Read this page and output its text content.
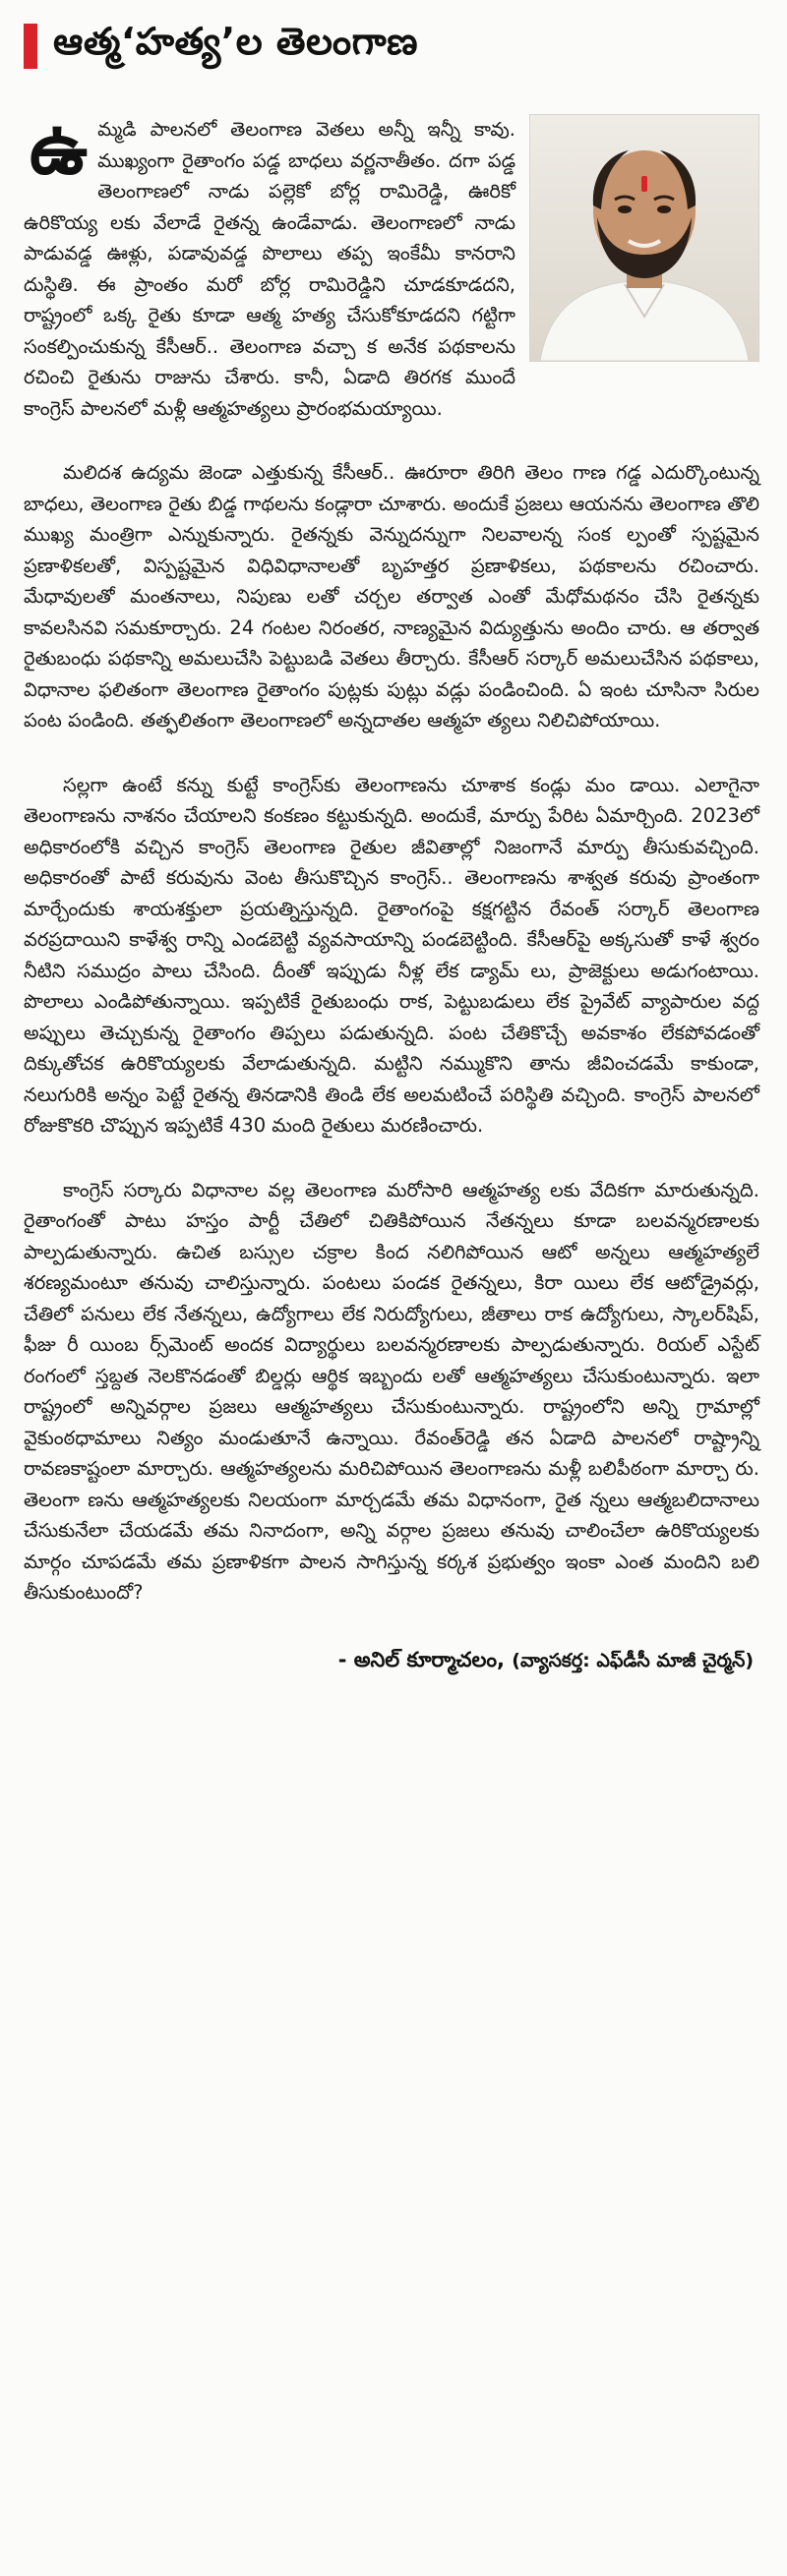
ఆత్మ‘హత్య’ల తెలంగాణ
ఉ మ్మడి పాలనలో తెలంగాణ వెతలు అన్నీ ఇన్నీ కావు. ముఖ్యంగా రైతాంగం పడ్డ బాధలు వర్ణనాతీతం. దగా పడ్డ తెలంగాణలో నాడు పల్లెకో బోర్ల రామిరెడ్డి, ఊరికో ఉరికొయ్య లకు వేలాడే రైతన్న ఉండేవాడు. తెలంగాణలో నాడు పాడువడ్డ ఊళ్లు, పడావువడ్డ పొలాలు తప్ప ఇంకేమీ కానరాని దుస్థితి. ఈ ప్రాంతం మరో బోర్ల రామిరెడ్డిని చూడకూడదని, రాష్ట్రంలో ఒక్క రైతు కూడా ఆత్మ హత్య చేసుకోకూడదని గట్టిగా సంకల్పించుకున్న కేసీఆర్.. తెలంగాణ వచ్చా క అనేక పథకాలను రచించి రైతును రాజును చేశారు. కానీ, ఏడాది తిరగక ముందే కాంగ్రెస్ పాలనలో మళ్లీ ఆత్మహత్యలు ప్రారంభమయ్యాయి.

మలిదశ ఉద్యమ జెండా ఎత్తుకున్న కేసీఆర్.. ఊరూరా తిరిగి తెలం గాణ గడ్డ ఎదుర్కొంటున్న బాధలు, తెలంగాణ రైతు బిడ్డ గాథలను కండ్లారా చూశారు. అందుకే ప్రజలు ఆయనను తెలంగాణ తొలి ముఖ్య మంత్రిగా ఎన్నుకున్నారు. రైతన్నకు వెన్నుదన్నుగా నిలవాలన్న సంక ల్పంతో స్పష్టమైన ప్రణాళికలతో, విస్పష్టమైన విధివిధానాలతో బృహత్తర ప్రణాళికలు, పథకాలను రచించారు. మేధావులతో మంతనాలు, నిపుణు లతో చర్చల తర్వాత ఎంతో మేధోమథనం చేసి రైతన్నకు కావలసినవి సమకూర్చారు. 24 గంటల నిరంతర, నాణ్యమైన విద్యుత్తును అందిం చారు. ఆ తర్వాత రైతుబంధు పథకాన్ని అమలుచేసి పెట్టుబడి వెతలు తీర్చారు. కేసీఆర్ సర్కార్ అమలుచేసిన పథకాలు, విధానాల ఫలితంగా తెలంగాణ రైతాంగం పుట్లకు పుట్లు వడ్లు పండించింది. ఏ ఇంట చూసినా సిరుల పంట పండింది. తత్ఫలితంగా తెలంగాణలో అన్నదాతల ఆత్మహ త్యలు నిలిచిపోయాయి.

సల్లగా ఉంటే కన్ను కుట్టే కాంగ్రెస్‌కు తెలంగాణను చూశాక కండ్లు మం డాయి. ఎలాగైనా తెలంగాణను నాశనం చేయాలని కంకణం కట్టుకున్నది. అందుకే, మార్పు పేరిట ఏమార్చింది. 2023లో అధికారంలోకి వచ్చిన కాంగ్రెస్ తెలంగాణ రైతుల జీవితాల్లో నిజంగానే మార్పు తీసుకువచ్చింది. అధికారంతో పాటే కరువును వెంట తీసుకొచ్చిన కాంగ్రెస్.. తెలంగాణను శాశ్వత కరువు ప్రాంతంగా మార్చేందుకు శాయశక్తులా ప్రయత్నిస్తున్నది. రైతాంగంపై కక్షగట్టిన రేవంత్ సర్కార్ తెలంగాణ వరప్రదాయిని కాళేశ్వ రాన్ని ఎండబెట్టి వ్యవసాయాన్ని పండబెట్టింది. కేసీఆర్‌పై అక్కసుతో కాళే శ్వరం నీటిని సముద్రం పాలు చేసింది. దీంతో ఇప్పుడు నీళ్ల లేక డ్యామ్ లు, ప్రాజెక్టులు అడుగంటాయి. పొలాలు ఎండిపోతున్నాయి. ఇప్పటికే రైతుబంధు రాక, పెట్టుబడులు లేక ప్రైవేట్ వ్యాపారుల వద్ద అప్పులు తెచ్చుకున్న రైతాంగం తిప్పలు పడుతున్నది. పంట చేతికొచ్చే అవకాశం లేకపోవడంతో దిక్కుతోచక ఉరికొయ్యలకు వేలాడుతున్నది. మట్టిని నమ్ముకొని తాను జీవించడమే కాకుండా, నలుగురికి అన్నం పెట్టే రైతన్న తినడానికి తిండి లేక అలమటించే పరిస్థితి వచ్చింది. కాంగ్రెస్ పాలనలో రోజుకొకరి చొప్పున ఇప్పటికే 430 మంది రైతులు మరణించారు.

కాంగ్రెస్ సర్కారు విధానాల వల్ల తెలంగాణ మరోసారి ఆత్మహత్య లకు వేదికగా మారుతున్నది. రైతాంగంతో పాటు హస్తం పార్టీ చేతిలో చితికిపోయిన నేతన్నలు కూడా బలవన్మరణాలకు పాల్పడుతున్నారు. ఉచిత బస్సుల చక్రాల కింద నలిగిపోయిన ఆటో అన్నలు ఆత్మహత్యలే శరణ్యమంటూ తనువు చాలిస్తున్నారు. పంటలు పండక రైతన్నలు, కిరా యిలు లేక ఆటోడ్రైవర్లు, చేతిలో పనులు లేక నేతన్నలు, ఉద్యోగాలు లేక నిరుద్యోగులు, జీతాలు రాక ఉద్యోగులు, స్కాలర్‌షిప్, ఫీజు రీ యింబ ర్స్‌మెంట్ అందక విద్యార్థులు బలవన్మరణాలకు పాల్పడుతున్నారు. రియల్ ఎస్టేట్ రంగంలో స్తబ్దత నెలకొనడంతో బిల్డర్లు ఆర్థిక ఇబ్బందు లతో ఆత్మహత్యలు చేసుకుంటున్నారు. ఇలా రాష్ట్రంలో అన్నివర్గాల ప్రజలు ఆత్మహత్యలు చేసుకుంటున్నారు. రాష్ట్రంలోని అన్ని గ్రామాల్లో వైకుంఠధామాలు నిత్యం మండుతూనే ఉన్నాయి. రేవంత్‌రెడ్డి తన ఏడాది పాలనలో రాష్ట్రాన్ని రావణకాష్టంలా మార్చారు. ఆత్మహత్యలను మరిచిపోయిన తెలంగాణను మళ్లీ బలిపీఠంగా మార్చా రు. తెలంగా ణను ఆత్మహత్యలకు నిలయంగా మార్చడమే తమ విధానంగా, రైత న్నలు ఆత్మబలిదానాలు చేసుకునేలా చేయడమే తమ నినాదంగా, అన్ని వర్గాల ప్రజలు తనువు చాలించేలా ఉరికొయ్యలకు మార్గం చూపడమే తమ ప్రణాళికగా పాలన సాగిస్తున్న కర్కశ ప్రభుత్వం ఇంకా ఎంత మందిని బలి తీసుకుంటుందో?

- అనిల్ కూర్మాచలం, (వ్యాసకర్త: ఎఫ్‌డీసీ మాజీ చైర్మన్)
